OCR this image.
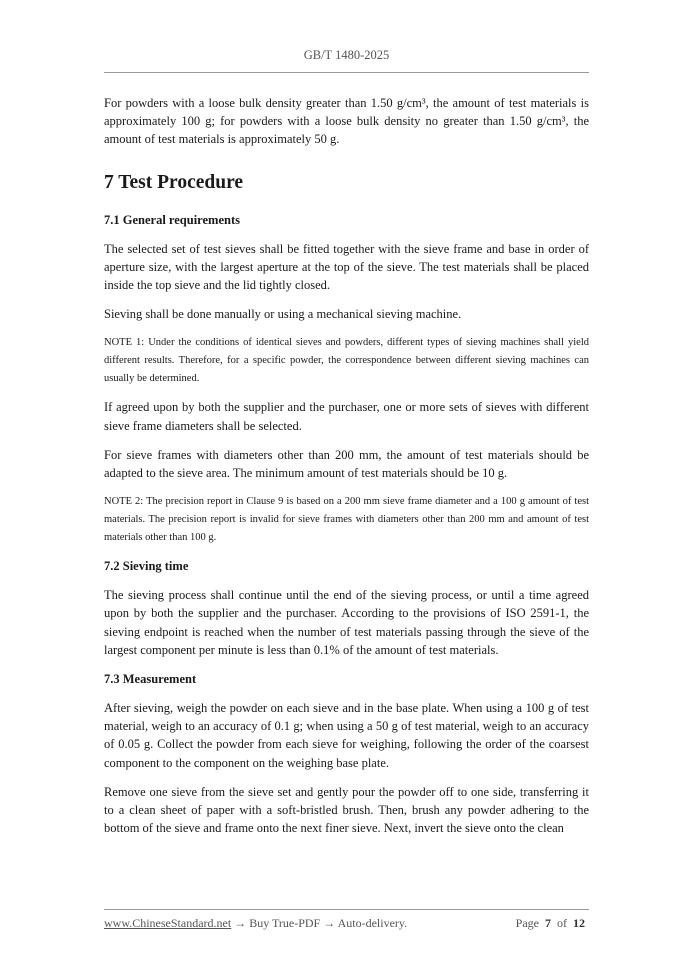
GB/T 1480-2025

For powders with a loose bulk density greater than 1.50 g/cm³, the amount of test materials is approximately 100 g; for powders with a loose bulk density no greater than 1.50 g/cm³, the amount of test materials is approximately 50 g.

7 Test Procedure
7.1 General requirements

The selected set of test sieves shall be fitted together with the sieve frame and base in order of aperture size, with the largest aperture at the top of the sieve. The test materials shall be placed inside the top sieve and the lid tightly closed.

Sieving shall be done manually or using a mechanical sieving machine.

NOTE 1: Under the conditions of identical sieves and powders, different types of sieving machines shall yield different results. Therefore, for a specific powder, the correspondence between different sieving machines can usually be determined.

If agreed upon by both the supplier and the purchaser, one or more sets of sieves with different sieve frame diameters shall be selected.

For sieve frames with diameters other than 200 mm, the amount of test materials should be adapted to the sieve area. The minimum amount of test materials should be 10 g.

NOTE 2: The precision report in Clause 9 is based on a 200 mm sieve frame diameter and a 100 g amount of test materials. The precision report is invalid for sieve frames with diameters other than 200 mm and amount of test materials other than 100 g.

7.2 Sieving time

The sieving process shall continue until the end of the sieving process, or until a time agreed upon by both the supplier and the purchaser. According to the provisions of ISO 2591-1, the sieving endpoint is reached when the number of test materials passing through the sieve of the largest component per minute is less than 0.1% of the amount of test materials.

7.3 Measurement

After sieving, weigh the powder on each sieve and in the base plate. When using a 100 g of test material, weigh to an accuracy of 0.1 g; when using a 50 g of test material, weigh to an accuracy of 0.05 g. Collect the powder from each sieve for weighing, following the order of the coarsest component to the component on the weighing base plate.

Remove one sieve from the sieve set and gently pour the powder off to one side, transferring it to a clean sheet of paper with a soft-bristled brush. Then, brush any powder adhering to the bottom of the sieve and frame onto the next finer sieve. Next, invert the sieve onto the clean

www.ChineseStandard.net → Buy True-PDF → Auto-delivery.	Page 7 of 12
